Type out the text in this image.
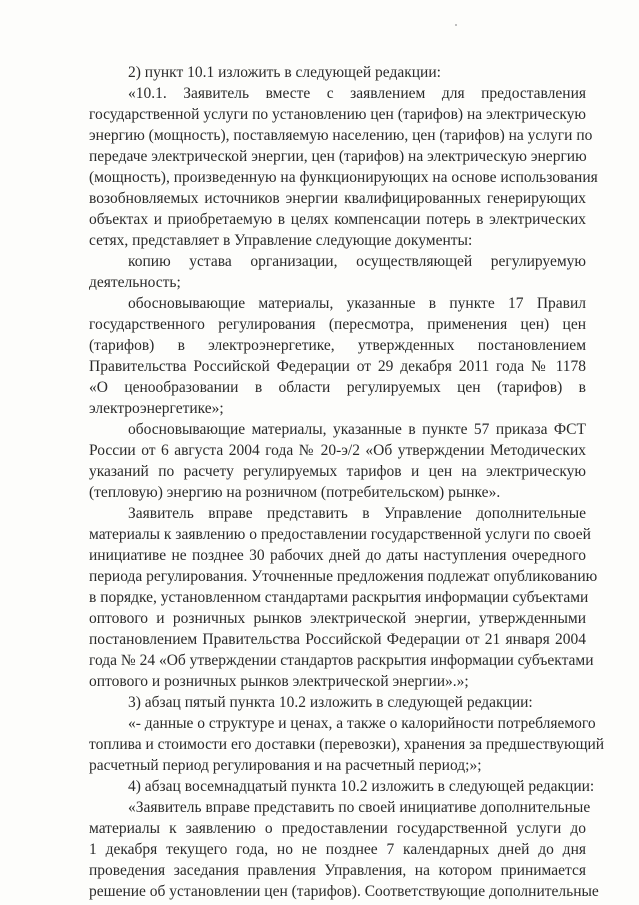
2) пункт 10.1 изложить в следующей редакции:
«10.1. Заявитель вместе с заявлением для предоставления
государственной услуги по установлению цен (тарифов) на электрическую
энергию (мощность), поставляемую населению, цен (тарифов) на услуги по
передаче электрической энергии, цен (тарифов) на электрическую энергию
(мощность), произведенную на функционирующих на основе использования
возобновляемых источников энергии квалифицированных генерирующих
объектах и приобретаемую в целях компенсации потерь в электрических
сетях, представляет в Управление следующие документы:
копию устава организации, осуществляющей регулируемую
деятельность;
обосновывающие материалы, указанные в пункте 17 Правил
государственного регулирования (пересмотра, применения цен) цен
(тарифов) в электроэнергетике, утвержденных постановлением
Правительства Российской Федерации от 29 декабря 2011 года № 1178
«О ценообразовании в области регулируемых цен (тарифов) в
электроэнергетике»;
обосновывающие материалы, указанные в пункте 57 приказа ФСТ
России от 6 августа 2004 года № 20-э/2 «Об утверждении Методических
указаний по расчету регулируемых тарифов и цен на электрическую
(тепловую) энергию на розничном (потребительском) рынке».
Заявитель вправе представить в Управление дополнительные
материалы к заявлению о предоставлении государственной услуги по своей
инициативе не позднее 30 рабочих дней до даты наступления очередного
периода регулирования. Уточненные предложения подлежат опубликованию
в порядке, установленном стандартами раскрытия информации субъектами
оптового и розничных рынков электрической энергии, утвержденными
постановлением Правительства Российской Федерации от 21 января 2004
года № 24 «Об утверждении стандартов раскрытия информации субъектами
оптового и розничных рынков электрической энергии».»;
3) абзац пятый пункта 10.2 изложить в следующей редакции:
«- данные о структуре и ценах, а также о калорийности потребляемого
топлива и стоимости его доставки (перевозки), хранения за предшествующий
расчетный период регулирования и на расчетный период;»;
4) абзац восемнадцатый пункта 10.2 изложить в следующей редакции:
«Заявитель вправе представить по своей инициативе дополнительные
материалы к заявлению о предоставлении государственной услуги до
1 декабря текущего года, но не позднее 7 календарных дней до дня
проведения заседания правления Управления, на котором принимается
решение об установлении цен (тарифов). Соответствующие дополнительные
